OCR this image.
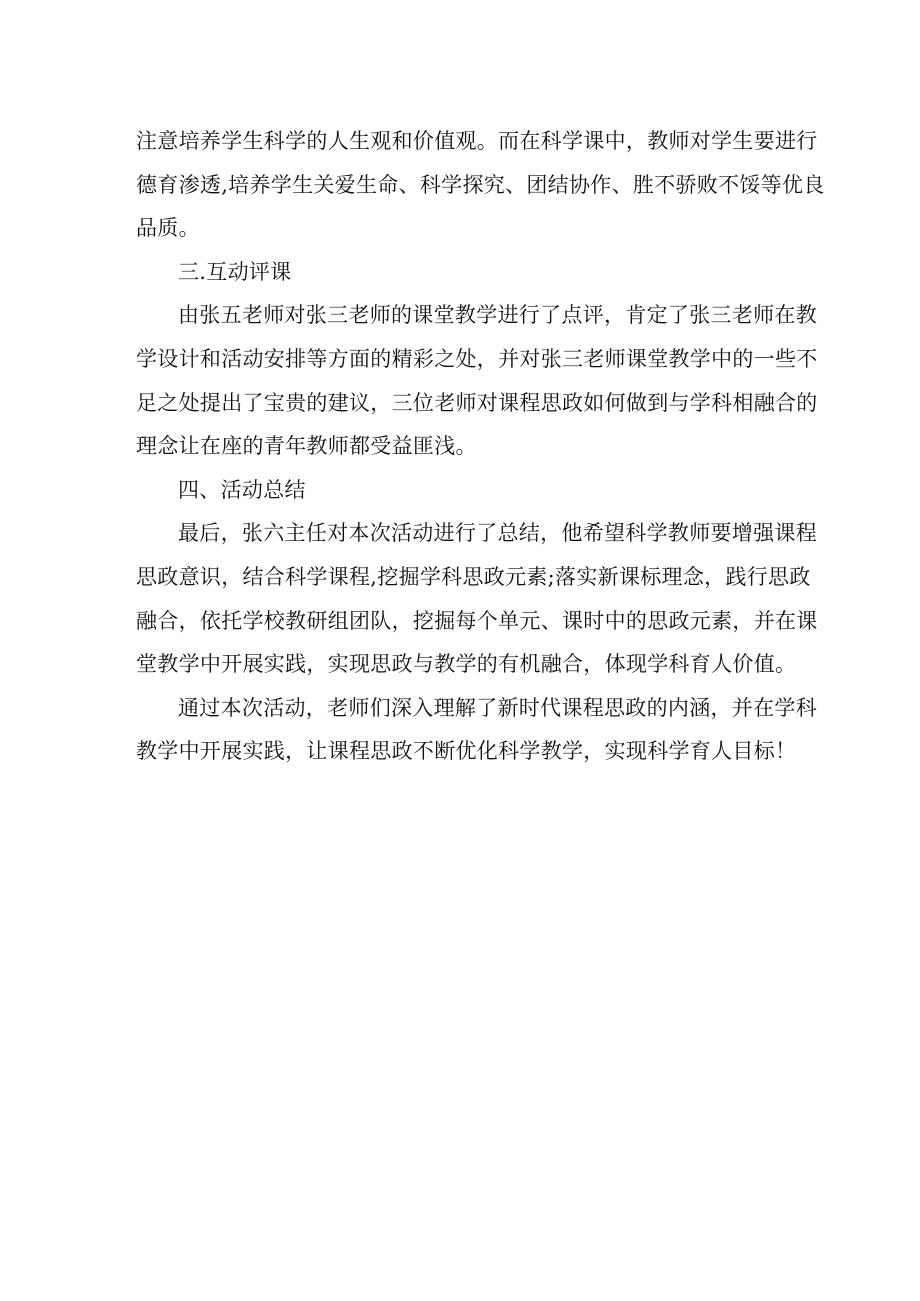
注意培养学生科学的人生观和价值观。而在科学课中，教师对学生要进行
德育渗透,培养学生关爱生命、科学探究、团结协作、胜不骄败不馁等优良
品质。
三.互动评课
由张五老师对张三老师的课堂教学进行了点评，肯定了张三老师在教
学设计和活动安排等方面的精彩之处，并对张三老师课堂教学中的一些不
足之处提出了宝贵的建议，三位老师对课程思政如何做到与学科相融合的
理念让在座的青年教师都受益匪浅。
四、活动总结
最后，张六主任对本次活动进行了总结，他希望科学教师要增强课程
思政意识，结合科学课程,挖掘学科思政元素;落实新课标理念，践行思政
融合，依托学校教研组团队，挖掘每个单元、课时中的思政元素，并在课
堂教学中开展实践，实现思政与教学的有机融合，体现学科育人价值。
通过本次活动，老师们深入理解了新时代课程思政的内涵，并在学科
教学中开展实践，让课程思政不断优化科学教学，实现科学育人目标！
